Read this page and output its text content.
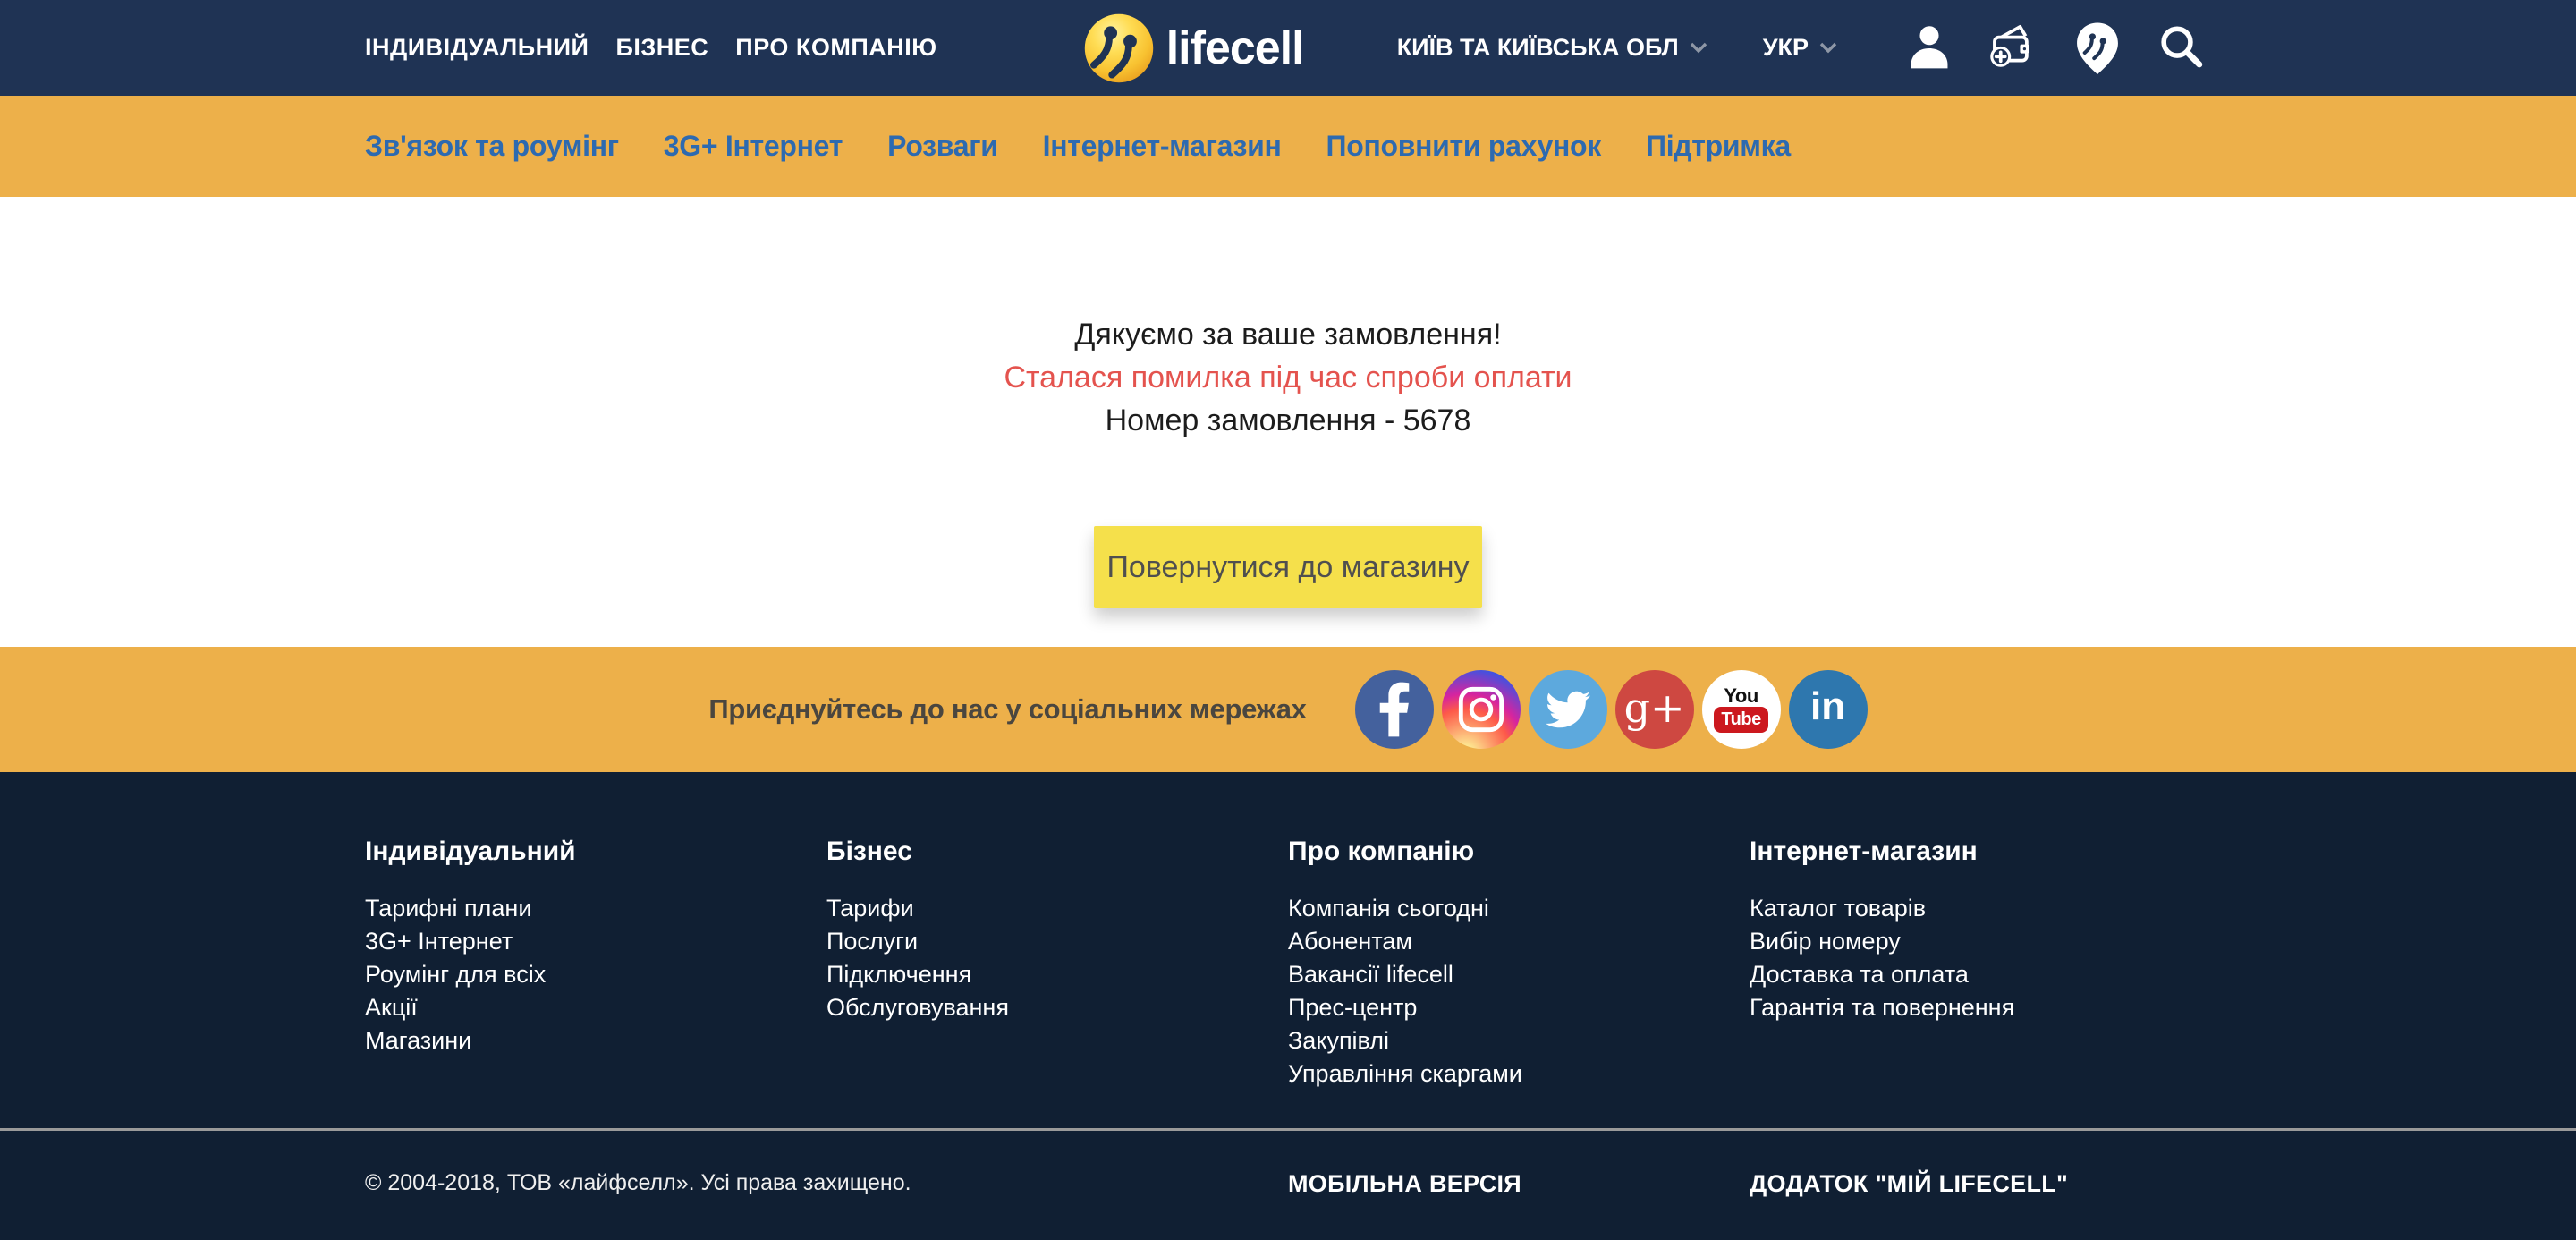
ІНДИВІДУАЛЬНИЙ БІЗНЕС ПРО КОМПАНІЮ	lifecell	КИЇВ ТА КИЇВСЬКА ОБЛ	УКР
Зв'язок та роумінг 3G+ Інтернет Розваги Інтернет-магазин Поповнити рахунок Підтримка

Дякуємо за ваше замовлення!

Сталася помилка під час спроби оплати

Номер замовлення - 5678

Повернутися до магазину
Приєднуйтесь до нас у соціальних мережах	g+ You
Tube in
Індивідуальний
Тарифні плани
3G+ Інтернет
Роумінг для всіх
Акції
Магазини
Бізнес
Тарифи
Послуги
Підключення
Обслуговування
Про компанію
Компанія сьогодні
Абонентам
Вакансії lifecell
Прес-центр
Закупівлі
Управління скаргами
Інтернет-магазин
Каталог товарів
Вибір номеру
Доставка та оплата
Гарантія та повернення
© 2004-2018, ТОВ «лайфселл». Усі права захищено.	МОБІЛЬНА ВЕРСІЯ	ДОДАТОК "МІЙ LIFECELL"
